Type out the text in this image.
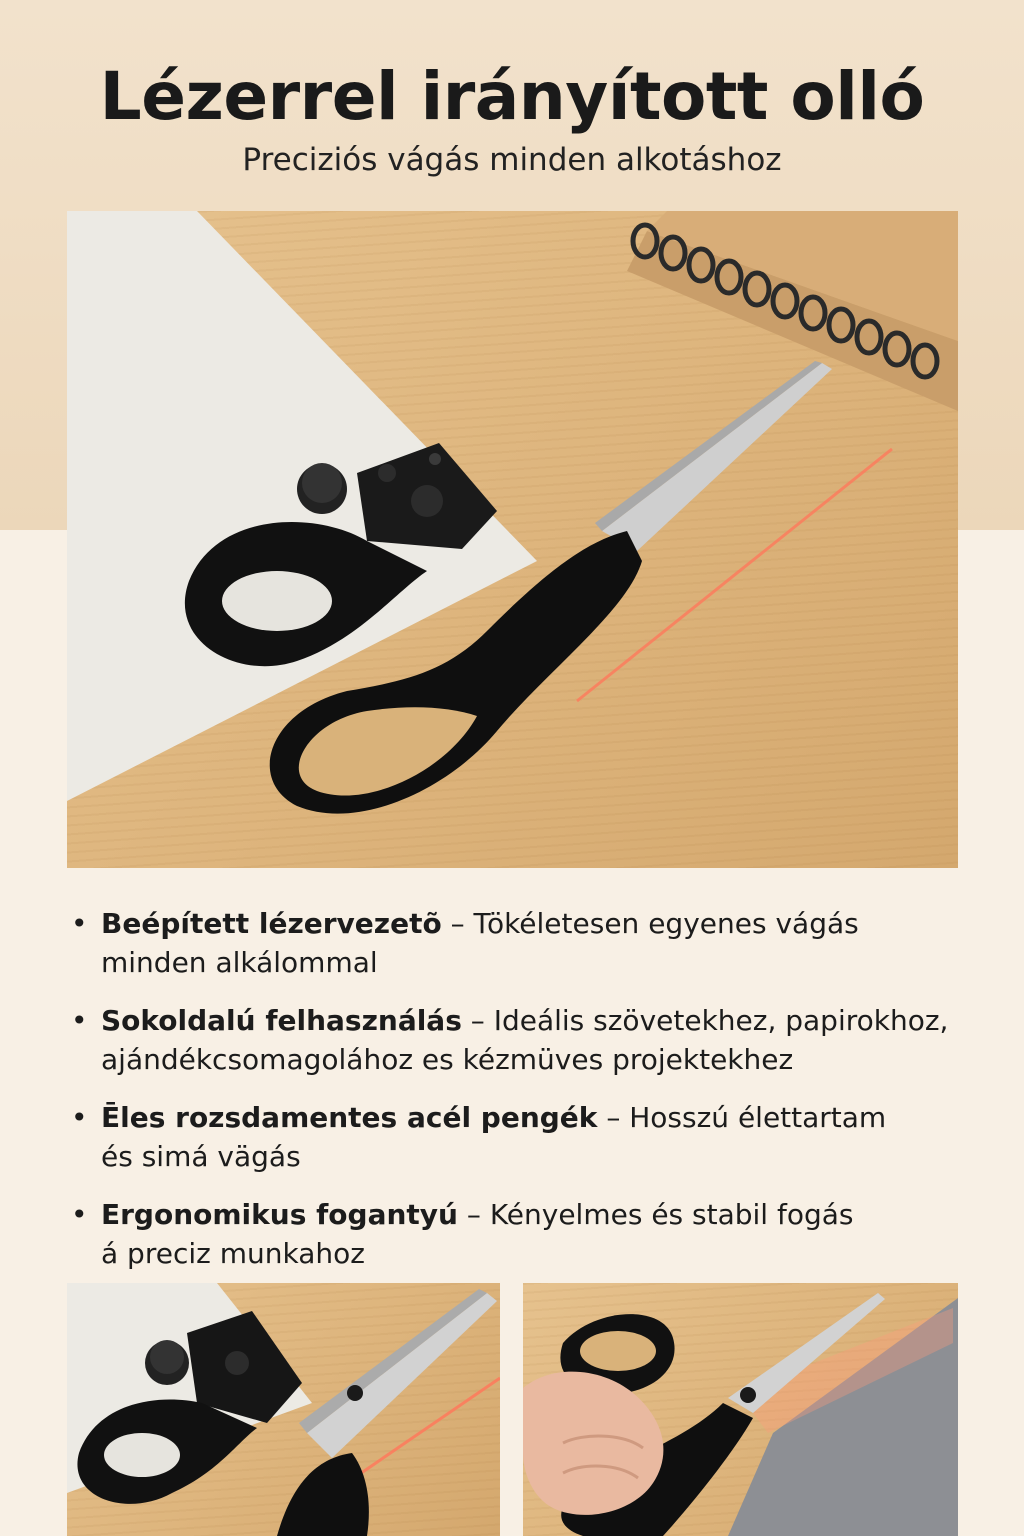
Lézerrel irányított olló
Preciziós vágás minden alkotáshoz
• Beépített lézervezetõ – Tökéletesen egyenes vágás
minden alkálommal
• Sokoldalú felhasználás – Ideális szövetekhez, papirokhoz,
ajándékcsomagolához es kézmüves projektekhez
• Ēles rozsdamentes acél pengék – Hosszú élettartam
és simá vägás
• Ergonomikus fogantyú – Kényelmes és stabil fogás
á preciz munkahoz
